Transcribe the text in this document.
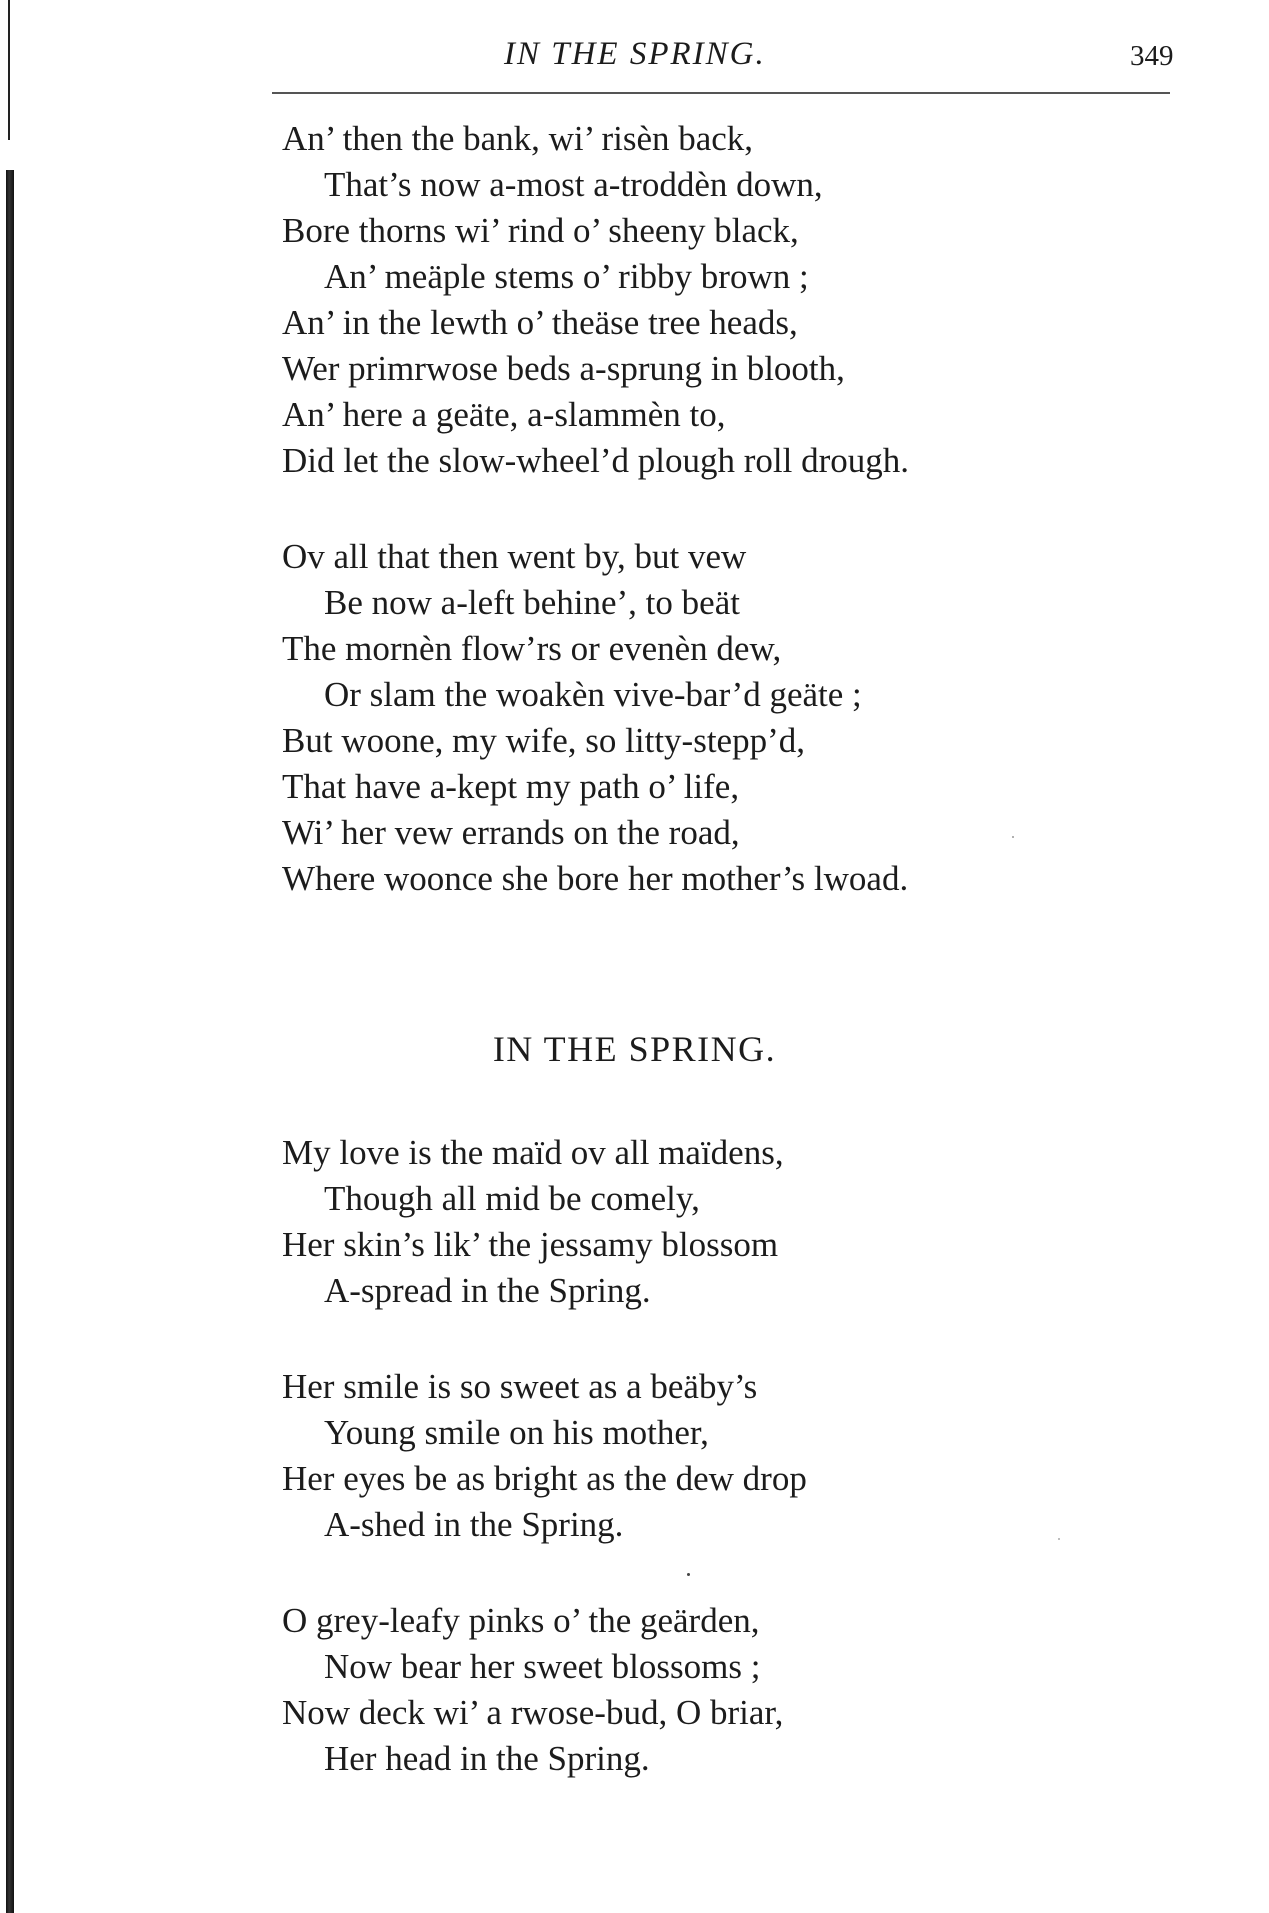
IN THE SPRING.	349
An’ then the bank, wi’ risèn back,
That’s now a-most a-troddèn down,
Bore thorns wi’ rind o’ sheeny black,
An’ meäple stems o’ ribby brown ;
An’ in the lewth o’ theäse tree heads,
Wer primrwose beds a-sprung in blooth,
An’ here a geäte, a-slammèn to,
Did let the slow-wheel’d plough roll drough.
Ov all that then went by, but vew
Be now a-left behine’, to beät
The mornèn flow’rs or evenèn dew,
Or slam the woakèn vive-bar’d geäte ;
But woone, my wife, so litty-stepp’d,
That have a-kept my path o’ life,
Wi’ her vew errands on the road,
Where woonce she bore her mother’s lwoad.
IN THE SPRING.
My love is the maïd ov all maïdens,
Though all mid be comely,
Her skin’s lik’ the jessamy blossom
A-spread in the Spring.
Her smile is so sweet as a beäby’s
Young smile on his mother,
Her eyes be as bright as the dew drop
A-shed in the Spring.
O grey-leafy pinks o’ the geärden,
Now bear her sweet blossoms ;
Now deck wi’ a rwose-bud, O briar,
Her head in the Spring.
